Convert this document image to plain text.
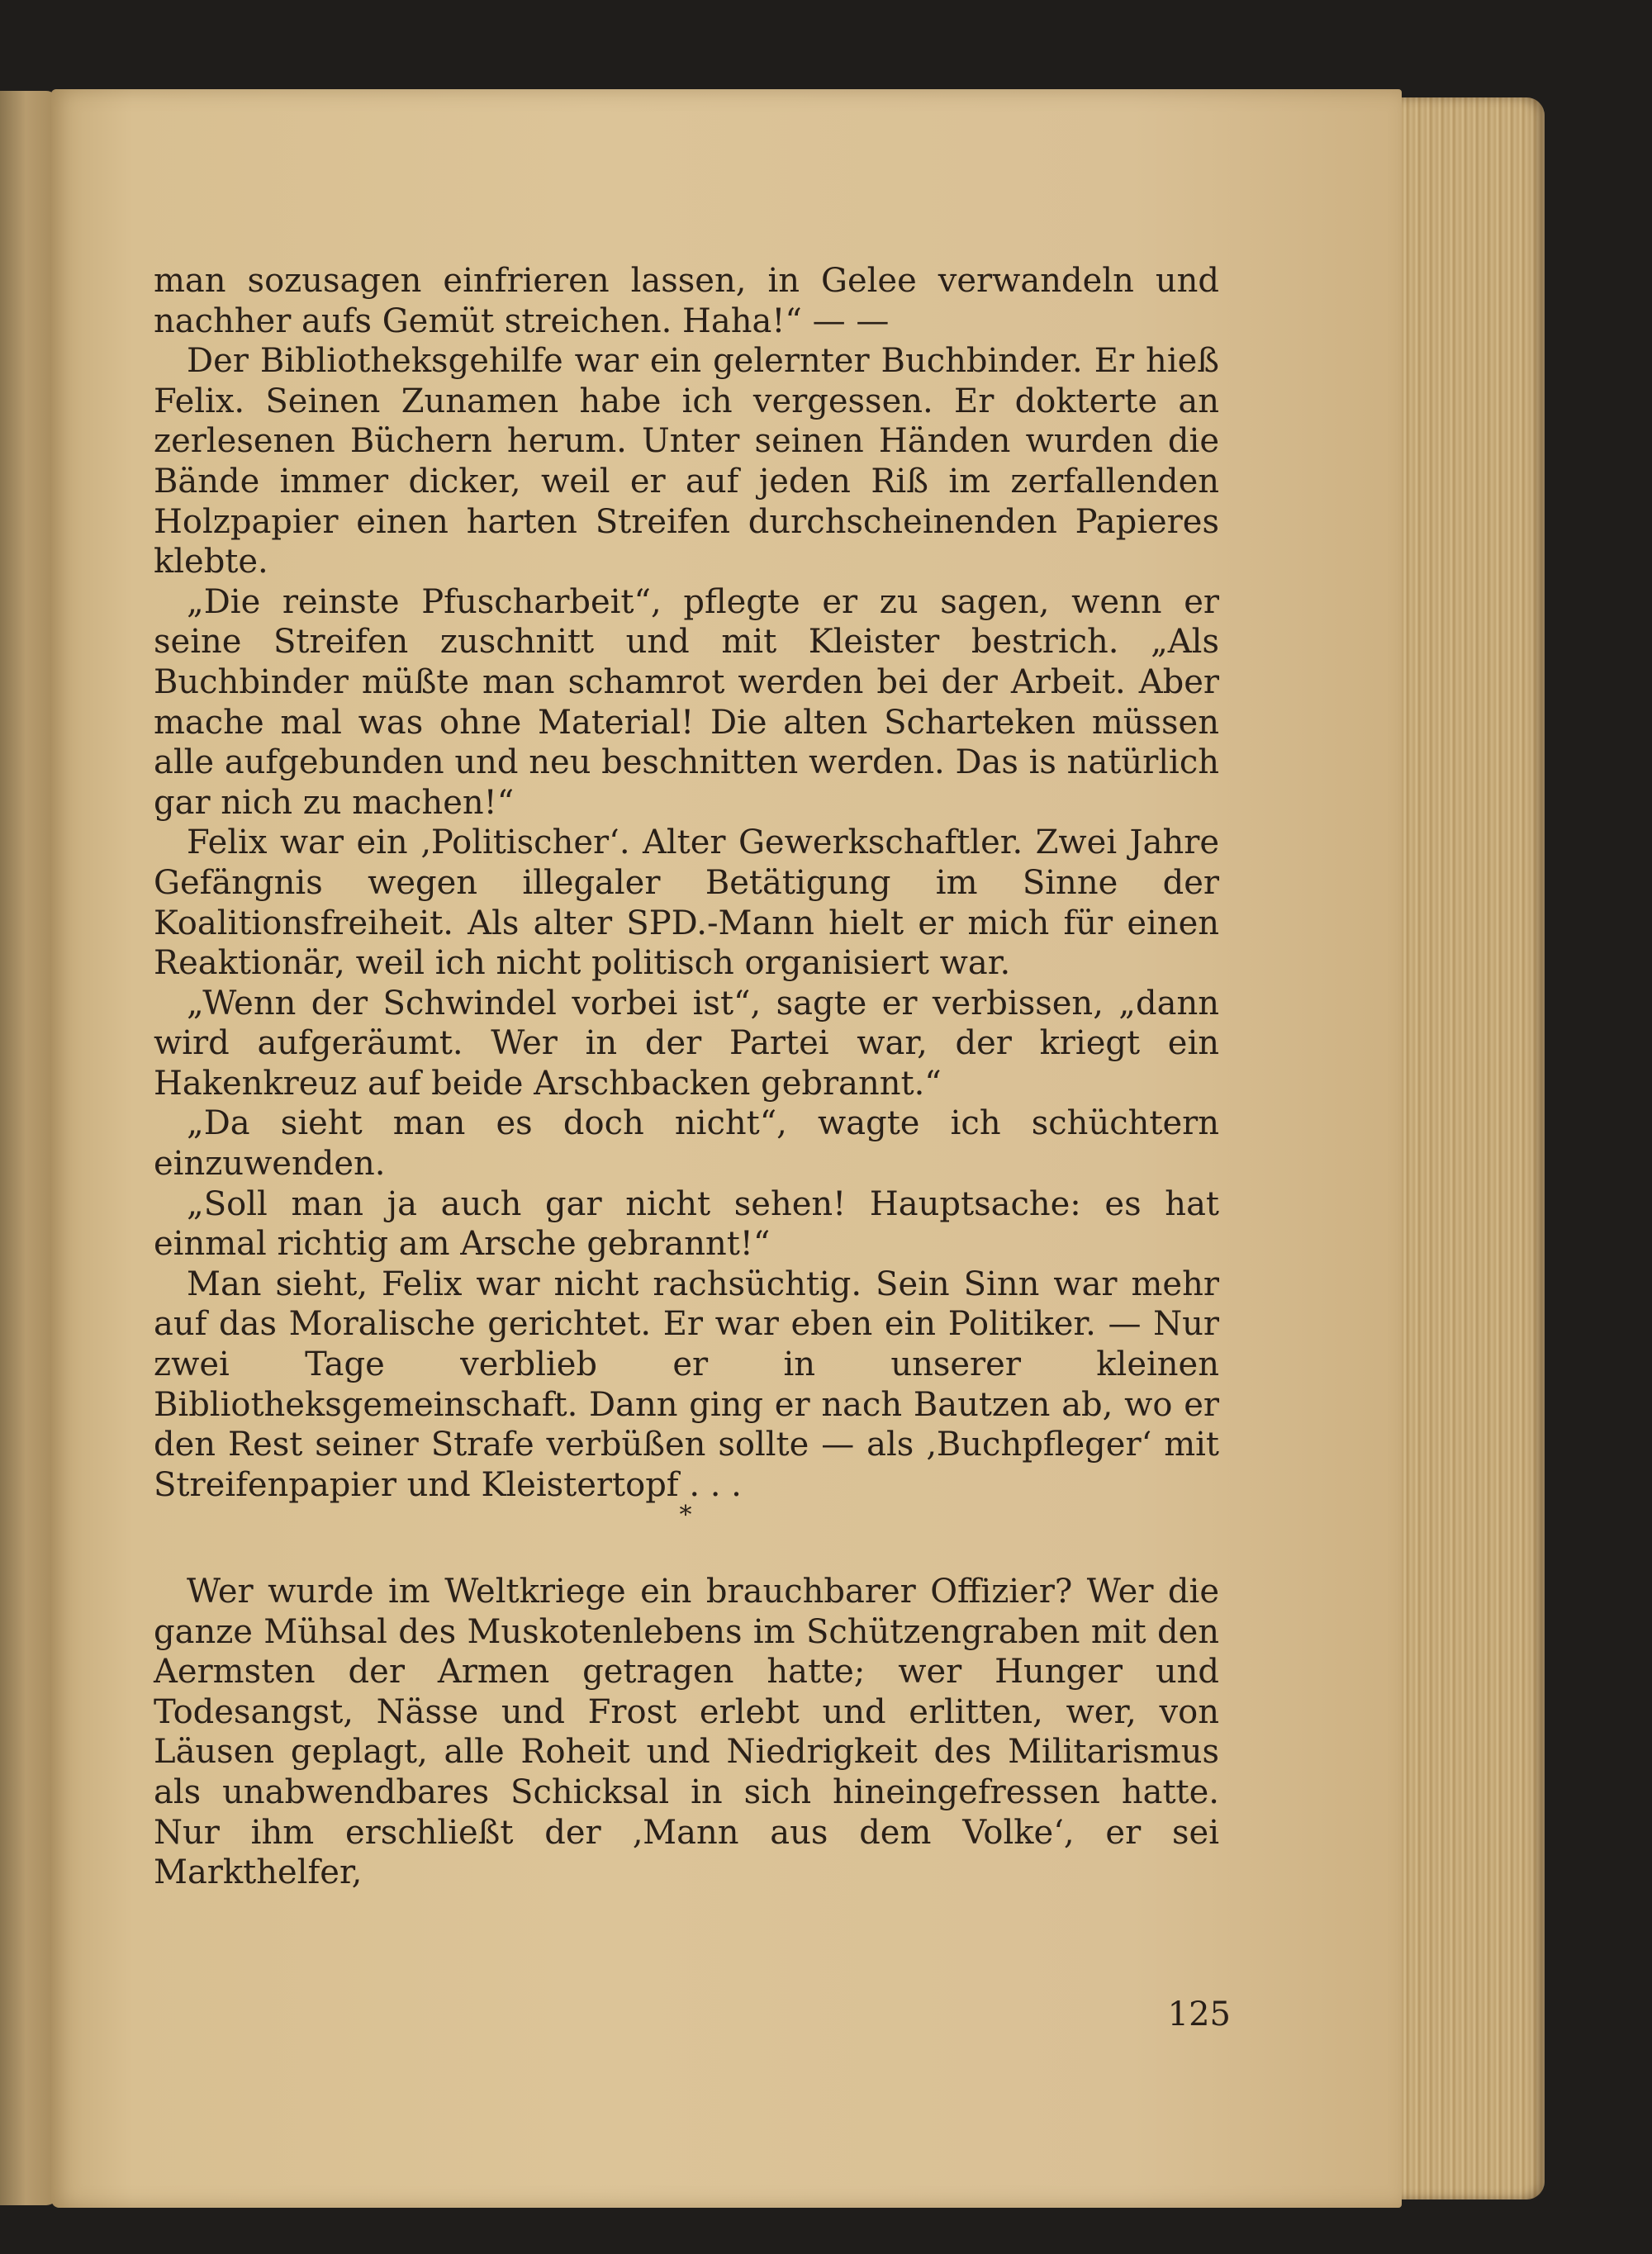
man sozusagen einfrieren lassen, in Gelee verwandeln und nachher aufs Gemüt streichen. Haha!“ — —

Der Bibliotheksgehilfe war ein gelernter Buchbinder. Er hieß Felix. Seinen Zunamen habe ich vergessen. Er dokterte an zerlesenen Büchern herum. Unter seinen Händen wurden die Bände immer dicker, weil er auf jeden Riß im zerfallenden Holzpapier einen harten Streifen durchscheinenden Papieres klebte.

„Die reinste Pfuscharbeit“, pflegte er zu sagen, wenn er seine Streifen zuschnitt und mit Kleister bestrich. „Als Buchbinder müßte man schamrot werden bei der Arbeit. Aber mache mal was ohne Material! Die alten Scharteken müssen alle aufgebunden und neu beschnitten werden. Das is natürlich gar nich zu machen!“

Felix war ein ‚Politischer‘. Alter Gewerkschaftler. Zwei Jahre Gefängnis wegen illegaler Betätigung im Sinne der Koalitionsfreiheit. Als alter SPD.-Mann hielt er mich für einen Reaktionär, weil ich nicht politisch organisiert war.

„Wenn der Schwindel vorbei ist“, sagte er verbissen, „dann wird aufgeräumt. Wer in der Partei war, der kriegt ein Hakenkreuz auf beide Arschbacken gebrannt.“

„Da sieht man es doch nicht“, wagte ich schüchtern einzuwenden.

„Soll man ja auch gar nicht sehen! Hauptsache: es hat einmal richtig am Arsche gebrannt!“

Man sieht, Felix war nicht rachsüchtig. Sein Sinn war mehr auf das Moralische gerichtet. Er war eben ein Politiker. — Nur zwei Tage verblieb er in unserer kleinen Bibliotheksgemeinschaft. Dann ging er nach Bautzen ab, wo er den Rest seiner Strafe verbüßen sollte — als ‚Buchpfleger‘ mit Streifenpapier und Kleistertopf . . .

*

Wer wurde im Weltkriege ein brauchbarer Offizier? Wer die ganze Mühsal des Muskotenlebens im Schützengraben mit den Aermsten der Armen getragen hatte; wer Hunger und Todesangst, Nässe und Frost erlebt und erlitten, wer, von Läusen geplagt, alle Roheit und Niedrigkeit des Militarismus als unabwendbares Schicksal in sich hineingefressen hatte. Nur ihm erschließt der ‚Mann aus dem Volke‘, er sei Markthelfer,

125
